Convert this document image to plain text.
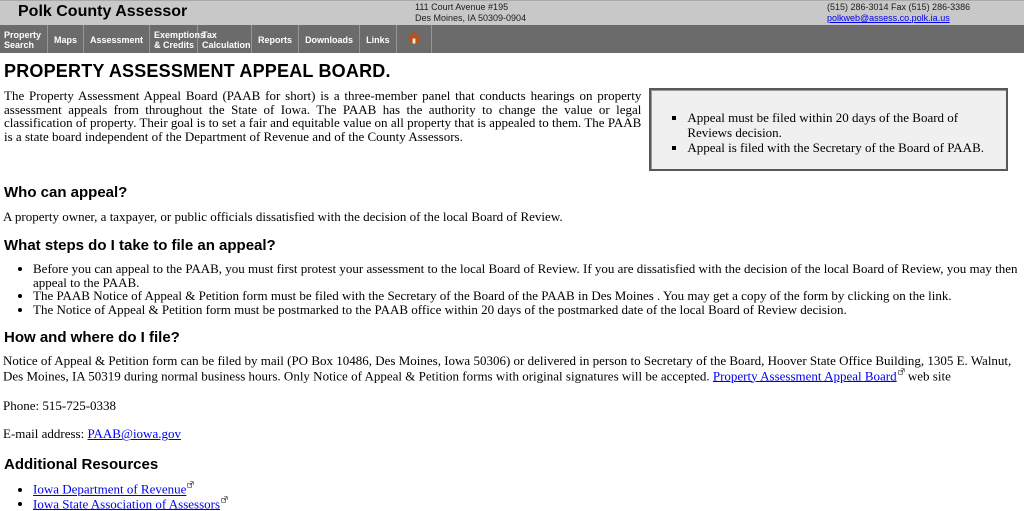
Polk County Assessor	111 Court Avenue #195
Des Moines, IA 50309-0904
(515) 286-3014 Fax (515) 286-3386
polkweb@assess.co.polk.ia.us
Property Search	Maps	Assessment	Exemptions & Credits
Tax Calculation Reports	Downloads	Links
PROPERTY ASSESSMENT APPEAL BOARD.
The Property Assessment Appeal Board (PAAB for short) is a three-member panel that conducts hearings on property assessment appeals from throughout the State of Iowa. The PAAB has the authority to change the value or legal classification of property. Their goal is to set a fair and equitable value on all property that is appealed to them. The PAAB is a state board independent of the Department of Revenue and of the County Assessors.
▪ Appeal must be filed within 20 days of the Board of Reviews decision.
▪ Appeal is filed with the Secretary of the Board of PAAB.
Who can appeal?

A property owner, a taxpayer, or public officials dissatisfied with the decision of the local Board of Review.

What steps do I take to file an appeal?
• Before you can appeal to the PAAB, you must first protest your assessment to the local Board of Review. If you are dissatisfied with the decision of the local Board of Review, you may then appeal to the PAAB.
• The PAAB Notice of Appeal & Petition form must be filed with the Secretary of the Board of the PAAB in Des Moines . You may get a copy of the form by clicking on the link.
• The Notice of Appeal & Petition form must be postmarked to the PAAB office within 20 days of the postmarked date of the local Board of Review decision.
How and where do I file?

Notice of Appeal & Petition form can be filed by mail (PO Box 10486, Des Moines, Iowa 50306) or delivered in person to Secretary of the Board, Hoover State Office Building, 1305 E. Walnut, Des Moines, IA 50319 during normal business hours. Only Notice of Appeal & Petition forms with original signatures will be accepted. Property Assessment Appeal Board
web site

Phone: 515-725-0338

E-mail address: PAAB@iowa.gov

Additional Resources
• Iowa Department of Revenue
• Iowa State Association of Assessors
